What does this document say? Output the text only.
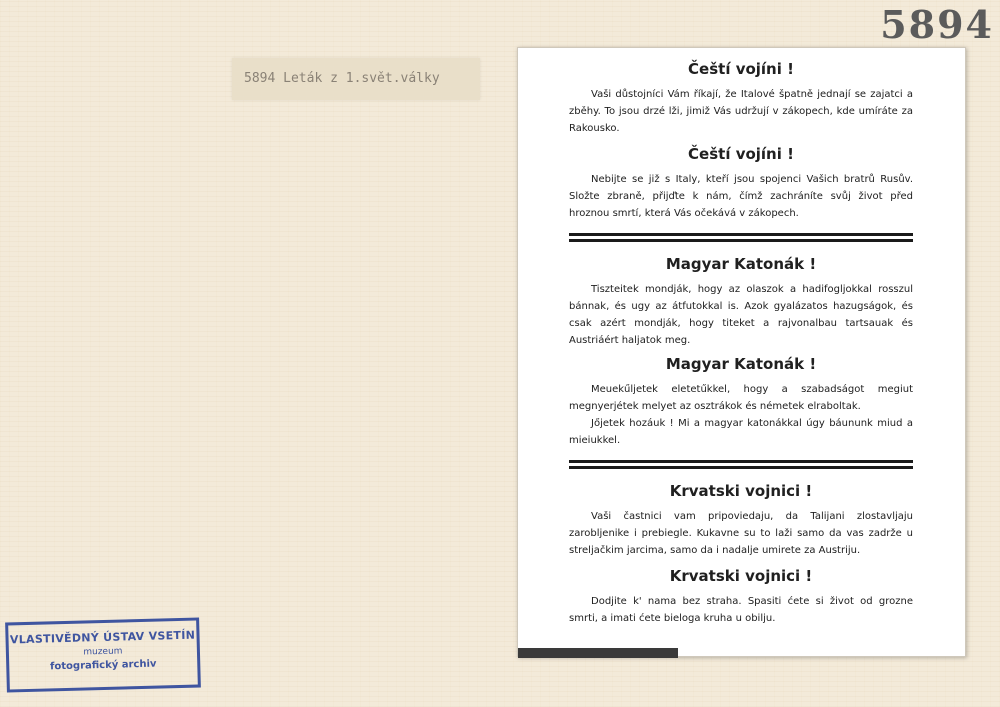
5894
5894 Leták z 1.svět.války

Čeští vojíni !

Vaši důstojníci Vám říkají, že Italové špatně jednají se zajatci a zběhy. To jsou drzé lži, jimiž Vás udržují v zákopech, kde umíráte za Rakousko.

Čeští vojíni !

Nebijte se již s Italy, kteří jsou spojenci Vašich bratrů Rusův. Složte zbraně, přijďte k nám, čímž zachráníte svůj život před hroznou smrtí, která Vás očekává v zákopech.

Magyar Katonák !

Tiszteitek mondják, hogy az olaszok a hadifogljokkal rosszul bánnak, és ugy az átfutokkal is. Azok gyalázatos hazugságok, és csak azért mondják, hogy titeket a rajvonalbau tartsauak és Austriáért haljatok meg.

Magyar Katonák !

Meuekűljetek eletetűkkel, hogy a szabadságot megiut megnyerjétek melyet az osztrákok és németek elraboltak.

Jőjetek hozáuk ! Mi a magyar katonákkal úgy báununk miud a mieiukkel.

Krvatski vojnici !

Vaši častnici vam pripoviedaju, da Talijani zlostavljaju zarobljenike i prebiegle. Kukavne su to laži samo da vas zadrže u streljačkim jarcima, samo da i nadalje umirete za Austriju.

Krvatski vojnici !

Dodjite k' nama bez straha. Spasiti ćete si život od grozne smrti, a imati ćete bieloga kruha u obilju.

VLASTIVĚDNÝ ÚSTAV VSETÍN
muzeum
fotografický archiv
